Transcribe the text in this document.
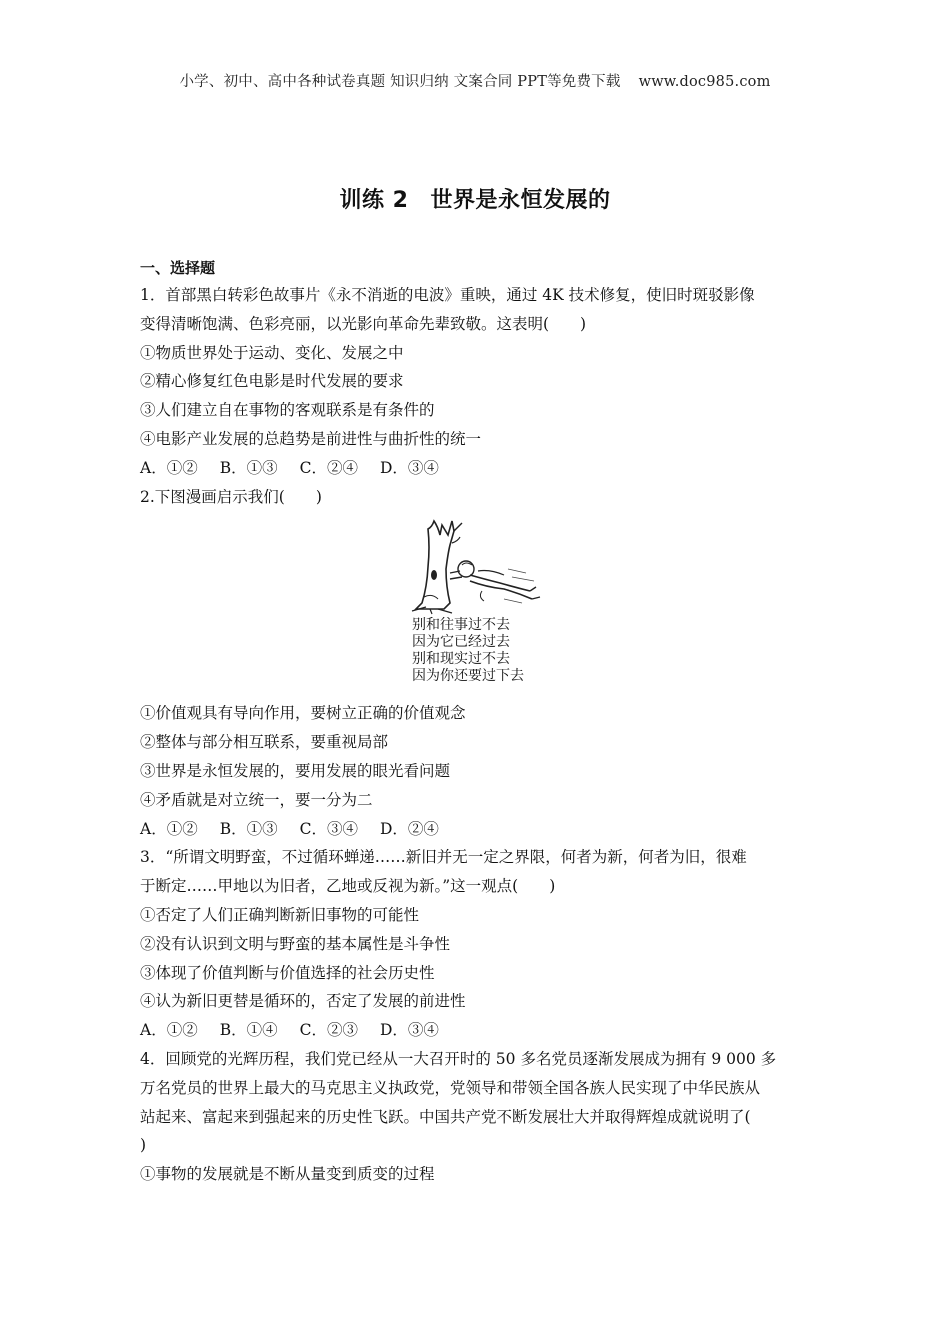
小学、初中、高中各种试卷真题 知识归纳 文案合同 PPT等免费下载 www.doc985.com
训练 2 世界是永恒发展的
一、选择题
1．首部黑白转彩色故事片《永不消逝的电波》重映，通过 4K 技术修复，使旧时斑驳影像
变得清晰饱满、色彩亮丽，以光影向革命先辈致敬。这表明(　　)
①物质世界处于运动、变化、发展之中
②精心修复红色电影是时代发展的要求
③人们建立自在事物的客观联系是有条件的
④电影产业发展的总趋势是前进性与曲折性的统一
A．①② B．①③ C．②④ D．③④
2.下图漫画启示我们(　　)
别和往事过不去
因为它已经过去
别和现实过不去
因为你还要过下去
①价值观具有导向作用，要树立正确的价值观念
②整体与部分相互联系，要重视局部
③世界是永恒发展的，要用发展的眼光看问题
④矛盾就是对立统一，要一分为二
A．①② B．①③ C．③④ D．②④
3．“所谓文明野蛮，不过循环蝉递……新旧并无一定之界限，何者为新，何者为旧，很难
于断定……甲地以为旧者，乙地或反视为新。”这一观点(　　)
①否定了人们正确判断新旧事物的可能性
②没有认识到文明与野蛮的基本属性是斗争性
③体现了价值判断与价值选择的社会历史性
④认为新旧更替是循环的，否定了发展的前进性
A．①② B．①④ C．②③ D．③④
4．回顾党的光辉历程，我们党已经从一大召开时的 50 多名党员逐渐发展成为拥有 9 000 多
万名党员的世界上最大的马克思主义执政党，党领导和带领全国各族人民实现了中华民族从
站起来、富起来到强起来的历史性飞跃。中国共产党不断发展壮大并取得辉煌成就说明了(
)
①事物的发展就是不断从量变到质变的过程
